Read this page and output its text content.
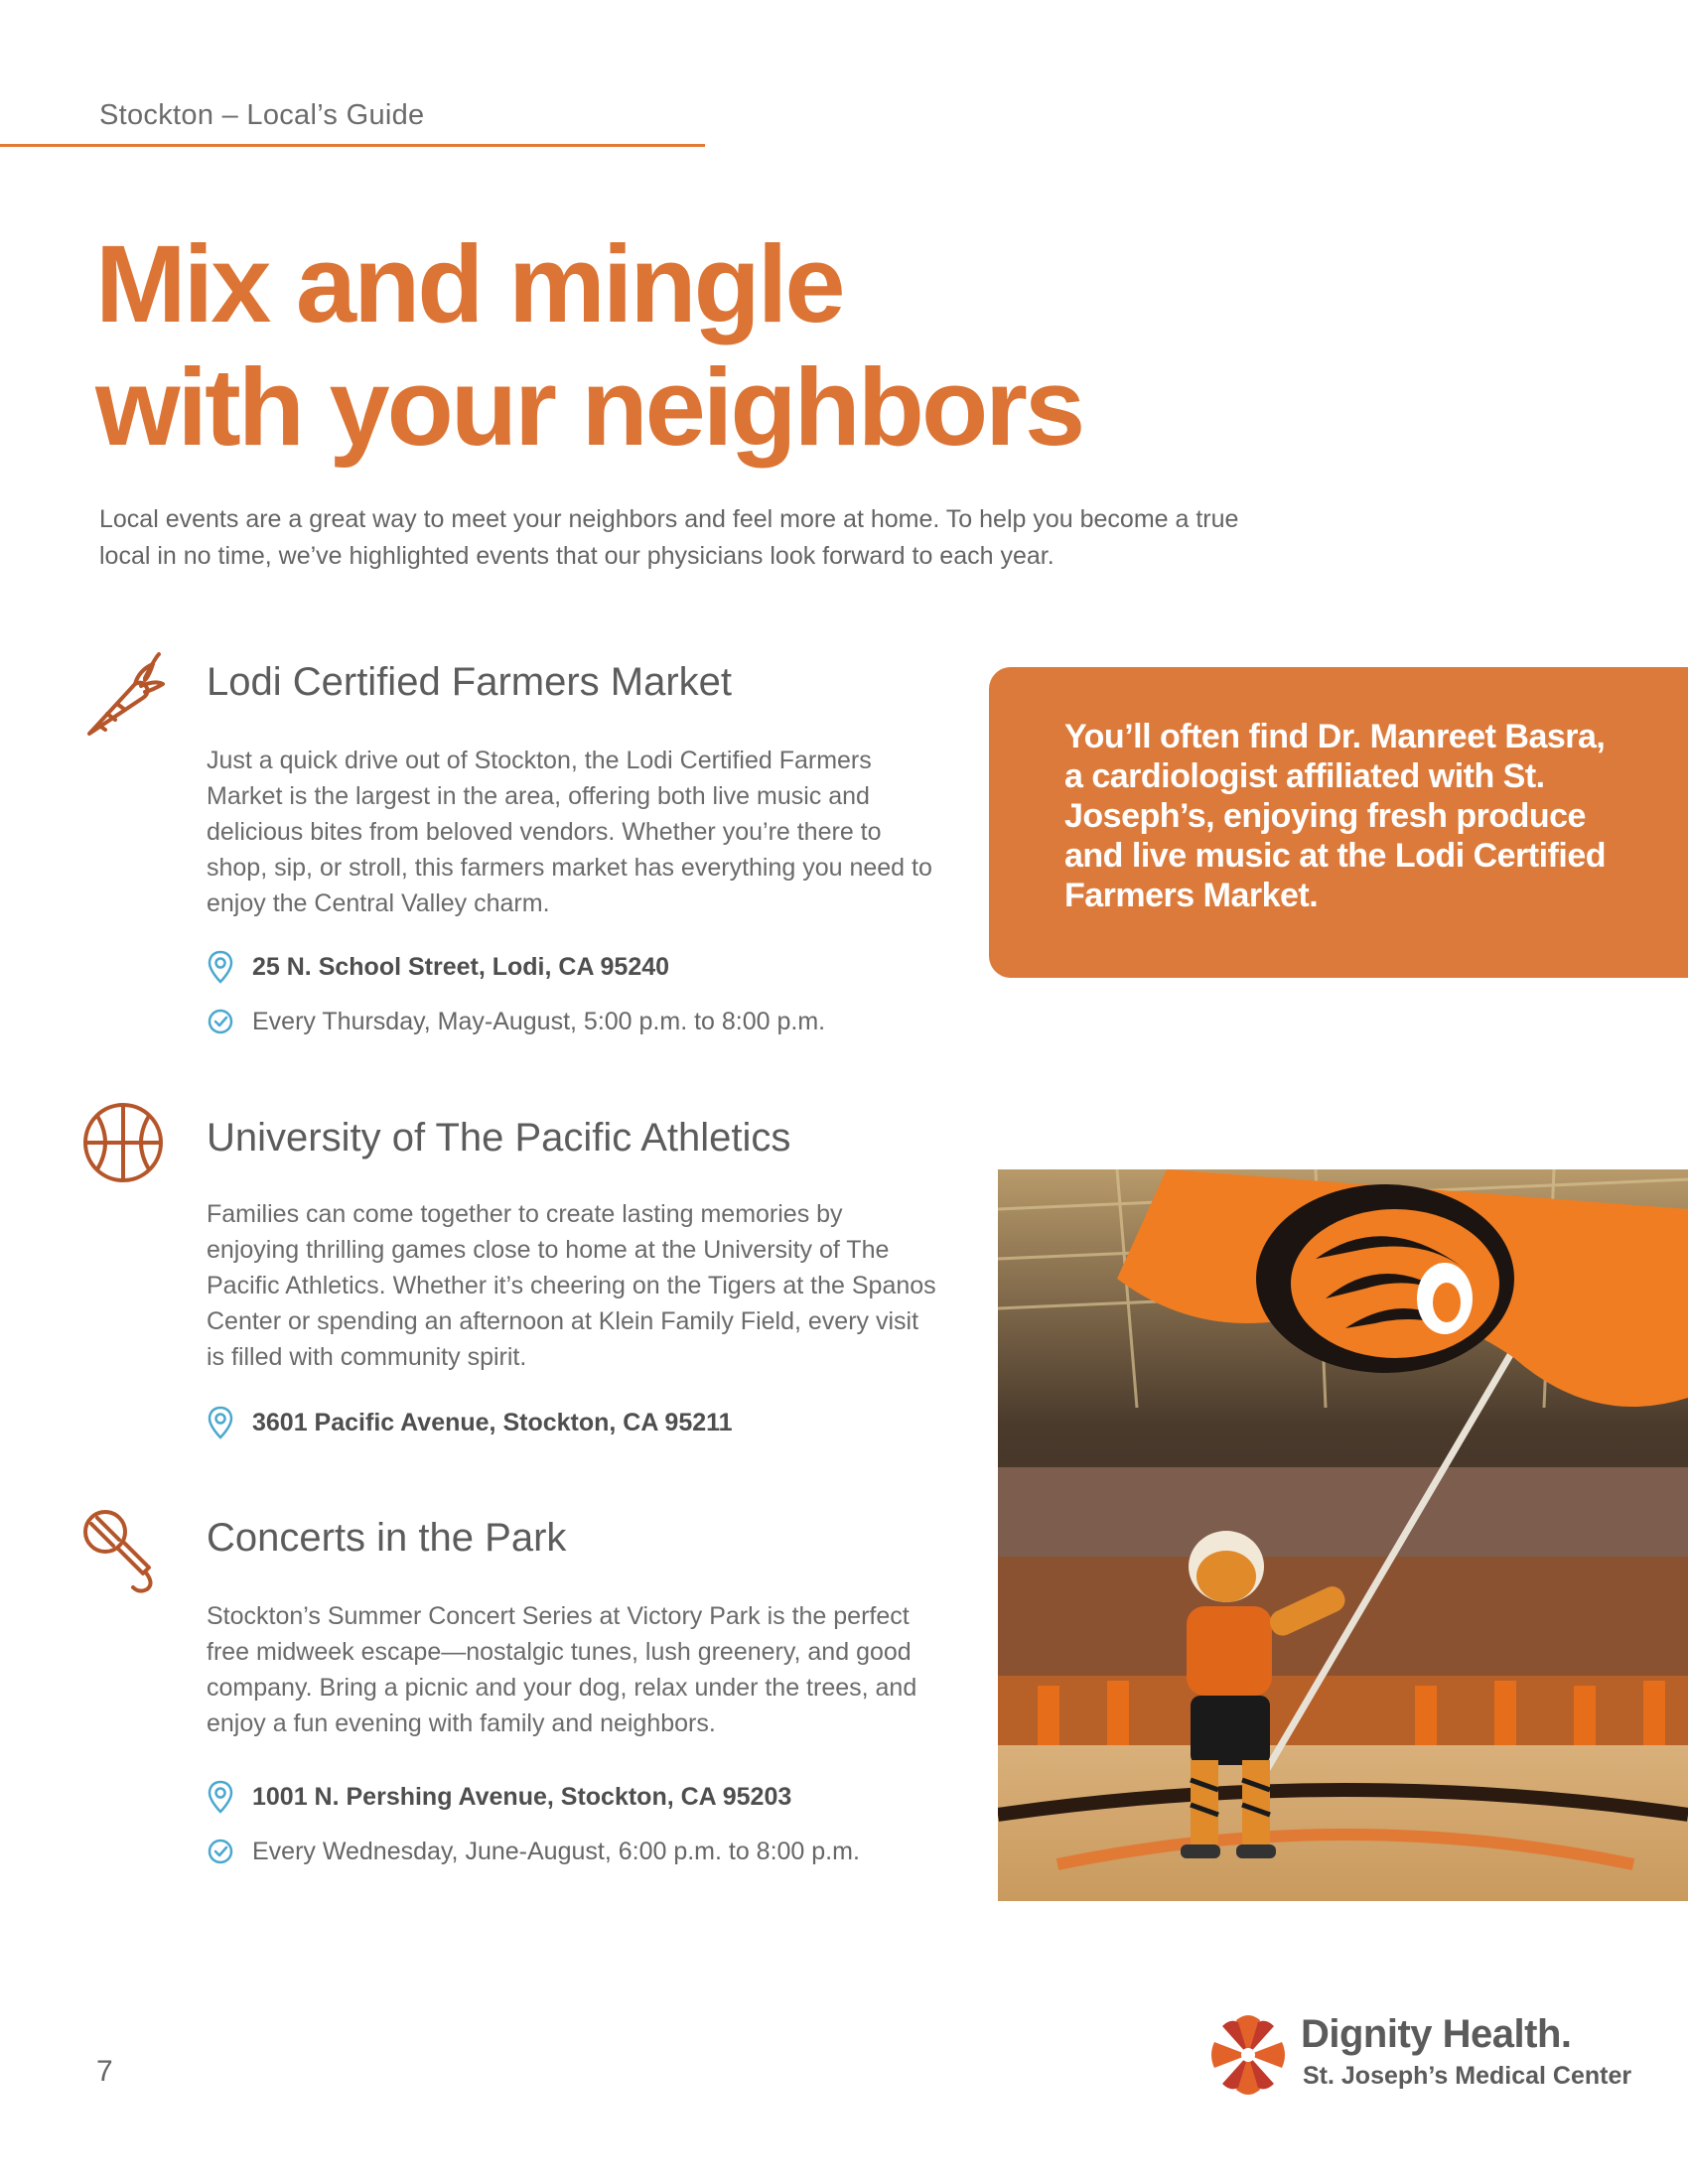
Stockton – Local’s Guide
Mix and mingle
with your neighbors

Local events are a great way to meet your neighbors and feel more at home. To help you become a true local in no time, we’ve highlighted events that our physicians look forward to each year.

Lodi Certified Farmers Market

Just a quick drive out of Stockton, the Lodi Certified Farmers Market is the largest in the area, offering both live music and delicious bites from beloved vendors. Whether you’re there to shop, sip, or stroll, this farmers market has everything you need to enjoy the Central Valley charm.

25 N. School Street, Lodi, CA 95240
Every Thursday, May-August, 5:00 p.m. to 8:00 p.m.
University of The Pacific Athletics

Families can come together to create lasting memories by enjoying thrilling games close to home at the University of The Pacific Athletics. Whether it’s cheering on the Tigers at the Spanos Center or spending an afternoon at Klein Family Field, every visit is filled with community spirit.

3601 Pacific Avenue, Stockton, CA 95211
Concerts in the Park

Stockton’s Summer Concert Series at Victory Park is the perfect free midweek escape—nostalgic tunes, lush greenery, and good company. Bring a picnic and your dog, relax under the trees, and enjoy a fun evening with family and neighbors.

1001 N. Pershing Avenue, Stockton, CA 95203
Every Wednesday, June-August, 6:00 p.m. to 8:00 p.m.

You’ll often find Dr. Manreet Basra, a cardiologist affiliated with St. Joseph’s, enjoying fresh produce and live music at the Lodi Certified Farmers Market.

7
Dignity Health.
St. Joseph’s Medical Center
